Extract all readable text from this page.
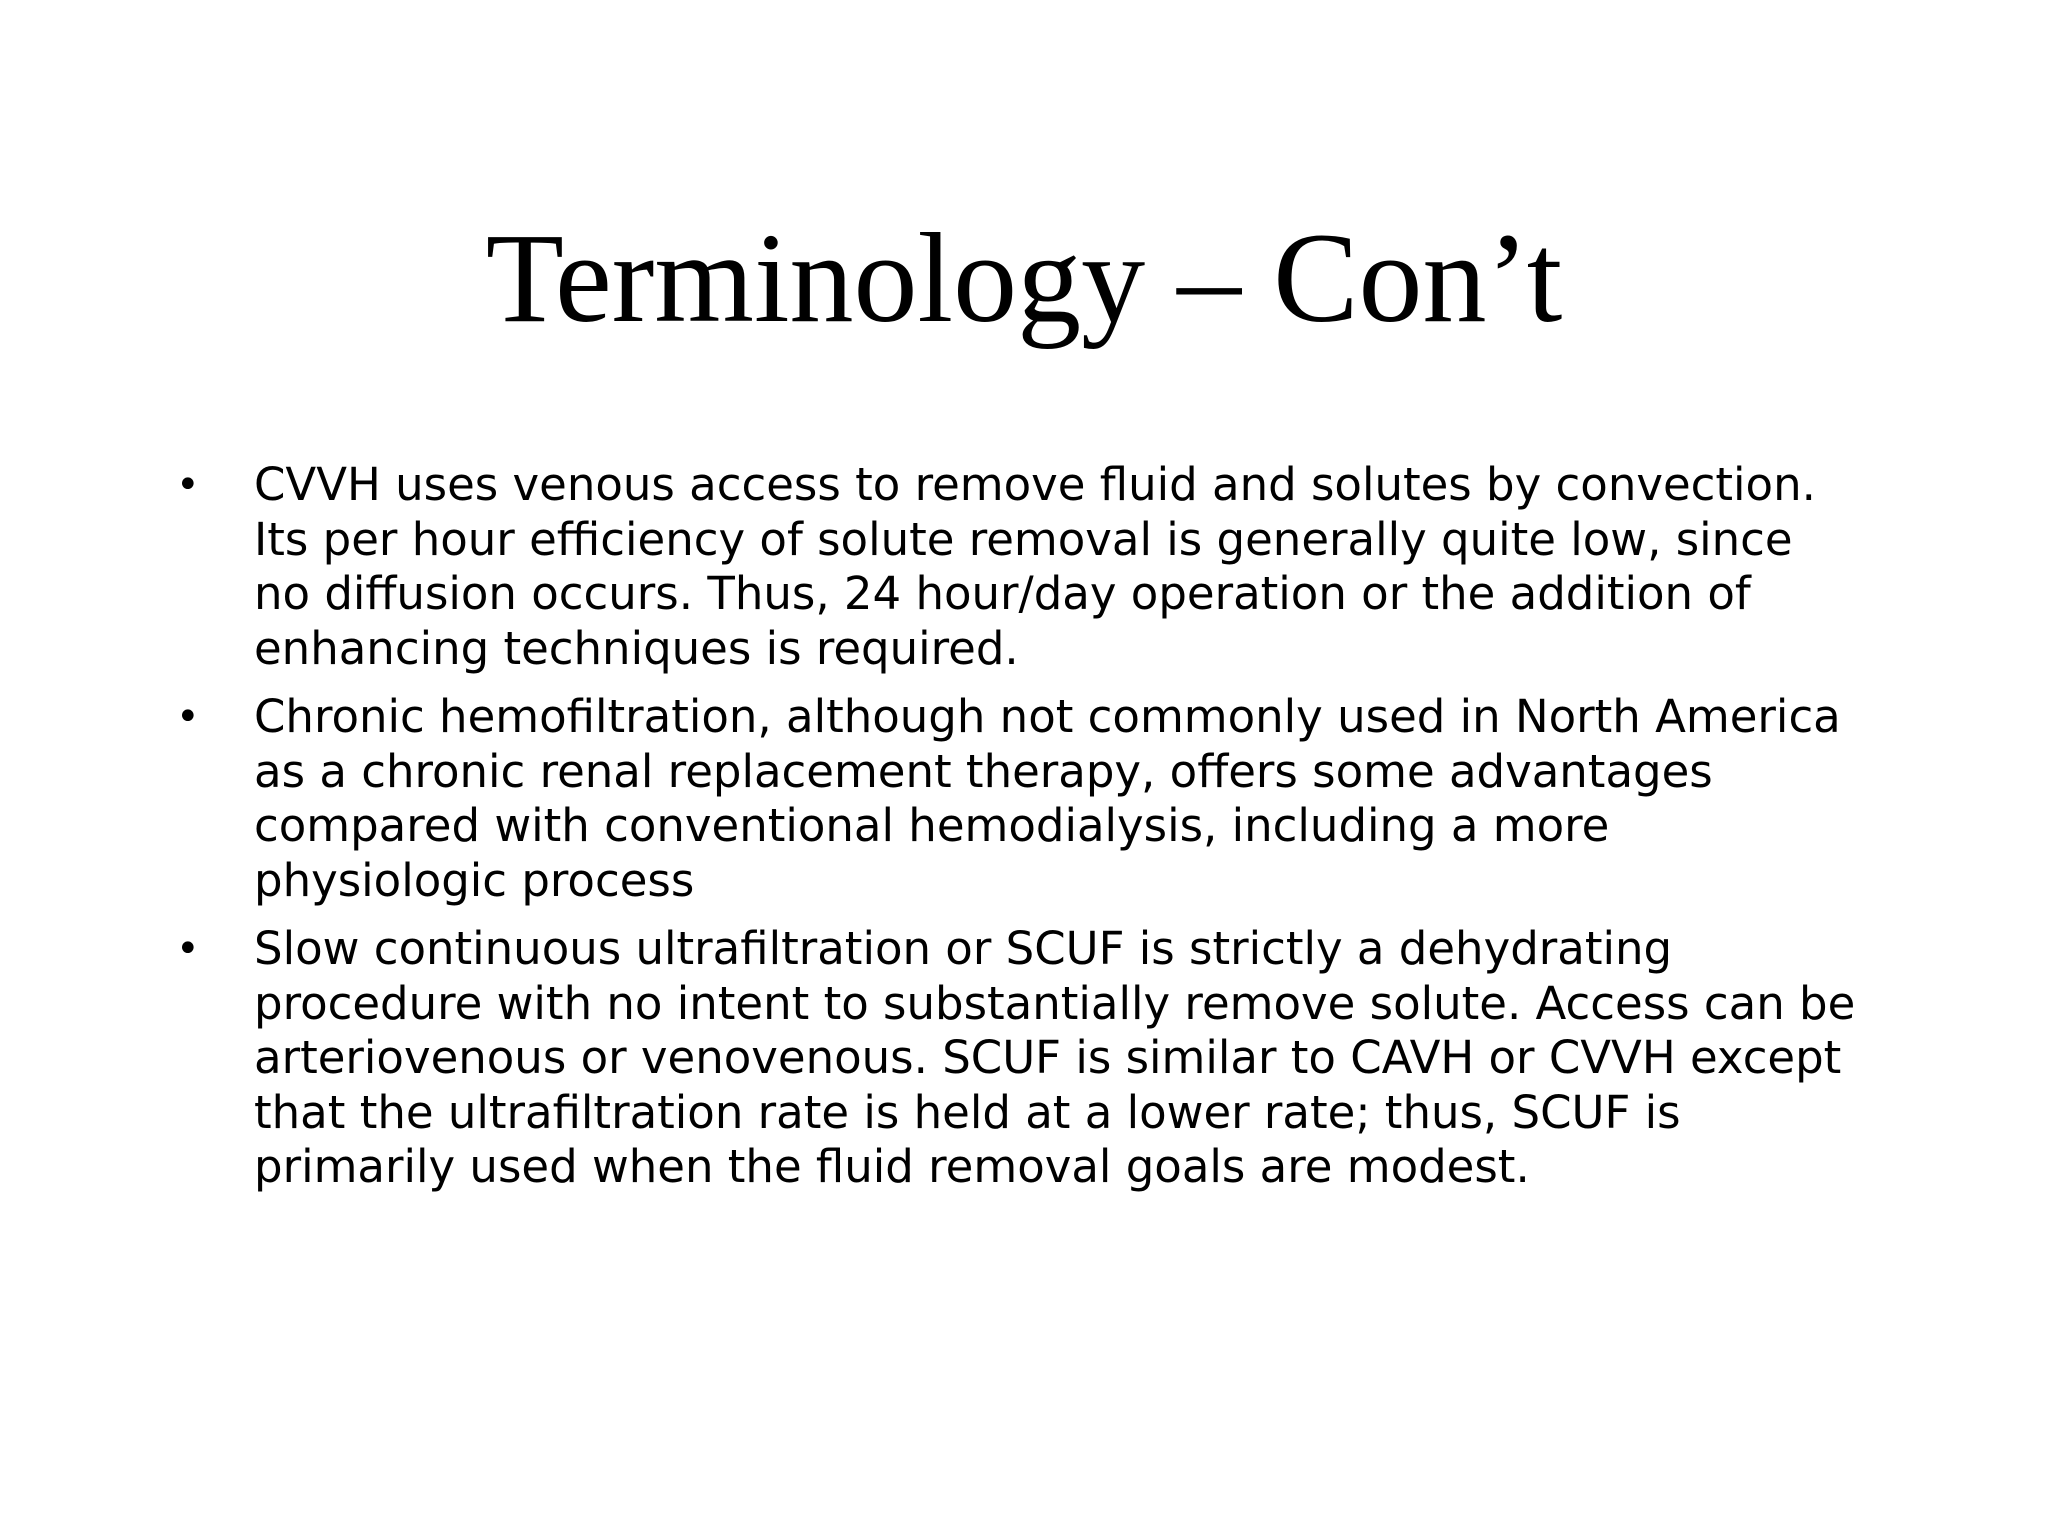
Terminology – Con’t
• CVVH uses venous access to remove fluid and solutes by convection.
Its per hour efficiency of solute removal is generally quite low, since
no diffusion occurs. Thus, 24 hour/day operation or the addition of
enhancing techniques is required.
• Chronic hemofiltration, although not commonly used in North America
as a chronic renal replacement therapy, offers some advantages
compared with conventional hemodialysis, including a more
physiologic process
• Slow continuous ultrafiltration or SCUF is strictly a dehydrating
procedure with no intent to substantially remove solute. Access can be
arteriovenous or venovenous. SCUF is similar to CAVH or CVVH except
that the ultrafiltration rate is held at a lower rate; thus, SCUF is
primarily used when the fluid removal goals are modest.
